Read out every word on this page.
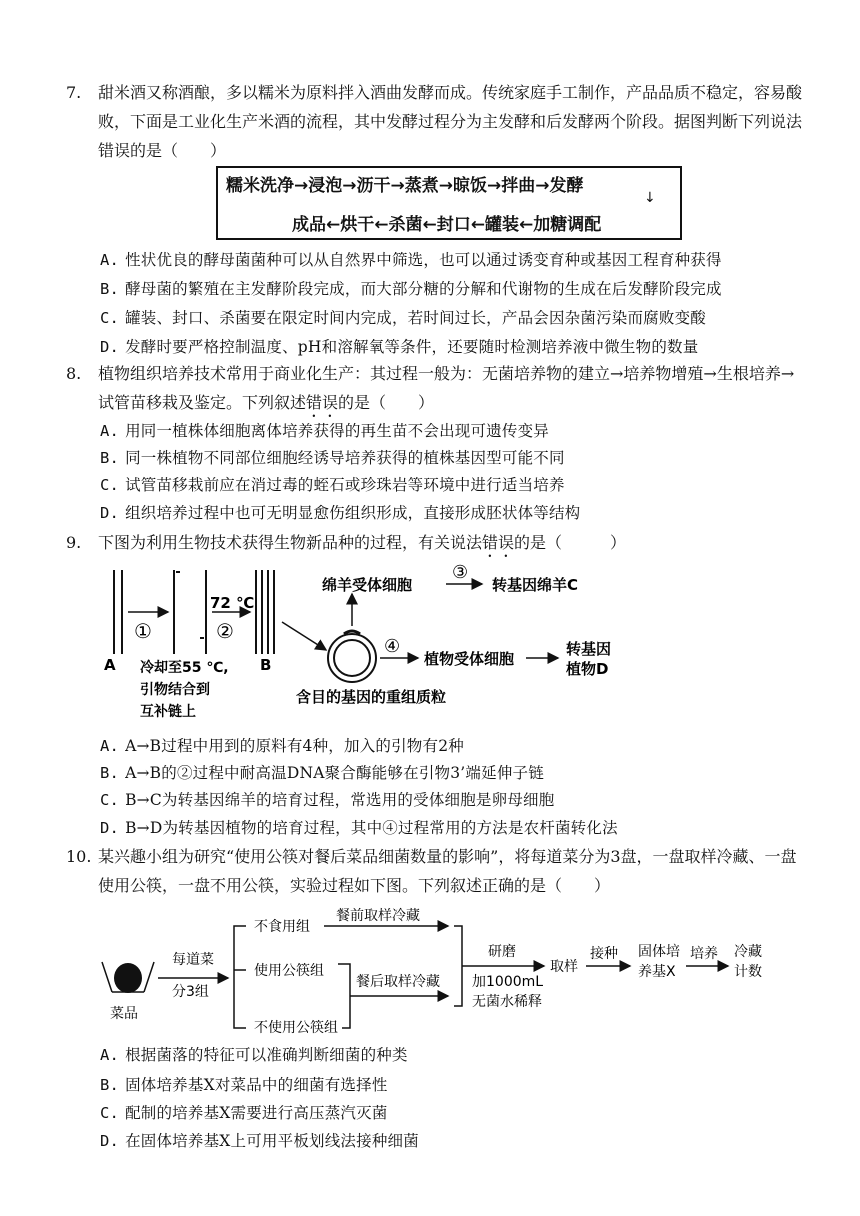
7. 甜米酒又称酒酿，多以糯米为原料拌入酒曲发酵而成。传统家庭手工制作，产品品质不稳定，容易酸败，下面是工业化生产米酒的流程，其中发酵过程分为主发酵和后发酵两个阶段。据图判断下列说法错误的是（　　）
糯米洗净→浸泡→沥干→蒸煮→晾饭→拌曲→发酵
↓
成品←烘干←杀菌←封口←罐装←加糖调配
A. 性状优良的酵母菌菌种可以从自然界中筛选，也可以通过诱变育种或基因工程育种获得
B. 酵母菌的繁殖在主发酵阶段完成，而大部分糖的分解和代谢物的生成在后发酵阶段完成
C. 罐装、封口、杀菌要在限定时间内完成，若时间过长，产品会因杂菌污染而腐败变酸
D. 发酵时要严格控制温度、pH和溶解氧等条件，还要随时检测培养液中微生物的数量
8. 植物组织培养技术常用于商业化生产：其过程一般为：无菌培养物的建立→培养物增殖→生根培养→试管苗移栽及鉴定。下列叙述错误的是（　　）
A. 用同一植株体细胞离体培养获得的再生苗不会出现可遗传变异
B. 同一株植物不同部位细胞经诱导培养获得的植株基因型可能不同
C. 试管苗移栽前应在消过毒的蛭石或珍珠岩等环境中进行适当培养
D. 组织培养过程中也可无明显愈伤组织形成，直接形成胚状体等结构
9. 下图为利用生物技术获得生物新品种的过程，有关说法错误的是（　　　）
①
72 ℃
②
A	B
冷却至55 ℃,
引物结合到
互补链上
绵羊受体细胞
③
转基因绵羊C
④
植物受体细胞
转基因
植物D
含目的基因的重组质粒
A. A→B过程中用到的原料有4种，加入的引物有2种
B. A→B的②过程中耐高温DNA聚合酶能够在引物3’端延伸子链
C. B→C为转基因绵羊的培育过程，常选用的受体细胞是卵母细胞
D. B→D为转基因植物的培育过程，其中④过程常用的方法是农杆菌转化法
10. 某兴趣小组为研究“使用公筷对餐后菜品细菌数量的影响”，将每道菜分为3盘，一盘取样冷藏、一盘使用公筷，一盘不用公筷，实验过程如下图。下列叙述正确的是（　　）
菜品
每道菜
分3组
不食用组
使用公筷组
不使用公筷组
餐前取样冷藏
餐后取样冷藏
研磨
加1000mL
无菌水稀释
取样
接种 固体培
养基X
培养 冷藏
计数
A. 根据菌落的特征可以准确判断细菌的种类
B. 固体培养基X对菜品中的细菌有选择性
C. 配制的培养基X需要进行高压蒸汽灭菌
D. 在固体培养基X上可用平板划线法接种细菌
